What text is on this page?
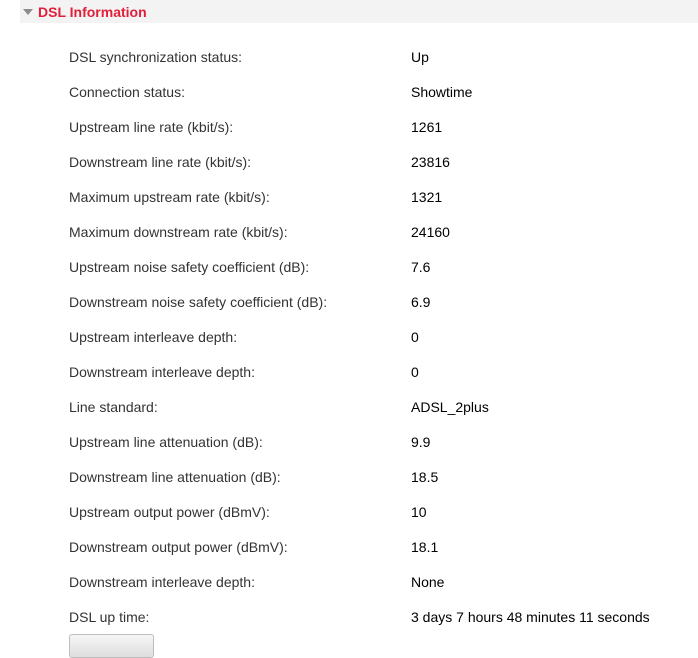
DSL Information
DSL synchronization status:	Up
Connection status:	Showtime
Upstream line rate (kbit/s):	1261
Downstream line rate (kbit/s):	23816
Maximum upstream rate (kbit/s):	1321
Maximum downstream rate (kbit/s):	24160
Upstream noise safety coefficient (dB):	7.6
Downstream noise safety coefficient (dB):	6.9
Upstream interleave depth:	0
Downstream interleave depth:	0
Line standard:	ADSL_2plus
Upstream line attenuation (dB):	9.9
Downstream line attenuation (dB):	18.5
Upstream output power (dBmV):	10
Downstream output power (dBmV):	18.1
Downstream interleave depth:	None
DSL up time:	3 days 7 hours 48 minutes 11 seconds
